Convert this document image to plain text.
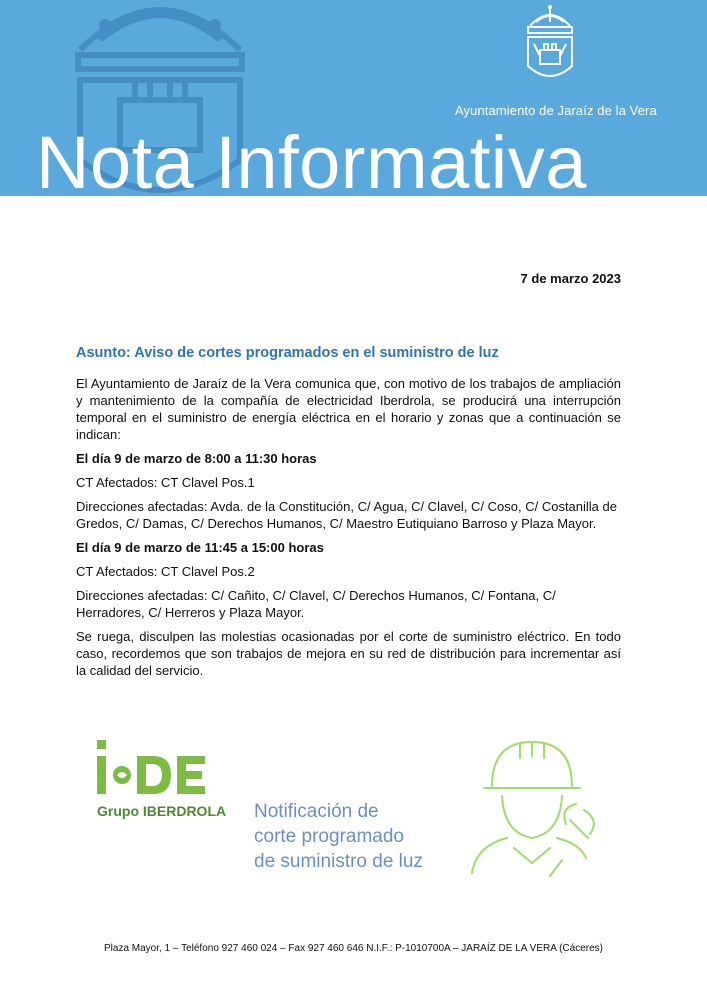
Ayuntamiento de Jaraíz de la Vera
Nota Informativa
7 de marzo 2023
Asunto: Aviso de cortes programados en el suministro de luz

El Ayuntamiento de Jaraíz de la Vera comunica que, con motivo de los trabajos de ampliación y mantenimiento de la compañía de electricidad Iberdrola, se producirá una interrupción temporal en el suministro de energía eléctrica en el horario y zonas que a continuación se indican:

El día 9 de marzo de 8:00 a 11:30 horas

CT Afectados: CT Clavel Pos.1

Direcciones afectadas: Avda. de la Constitución, C/ Agua, C/ Clavel, C/ Coso, C/ Costanilla de Gredos, C/ Damas, C/ Derechos Humanos, C/ Maestro Eutiquiano Barroso y Plaza Mayor.

El día 9 de marzo de 11:45 a 15:00 horas

CT Afectados: CT Clavel Pos.2

Direcciones afectadas: C/ Cañito, C/ Clavel, C/ Derechos Humanos, C/ Fontana, C/ Herradores, C/ Herreros y Plaza Mayor.

Se ruega, disculpen las molestias ocasionadas por el corte de suministro eléctrico. En todo caso, recordemos que son trabajos de mejora en su red de distribución para incrementar así la calidad del servicio.

Grupo IBERDROLA Notificación de
corte programado
de suministro de luz
Plaza Mayor, 1 – Teléfono 927 460 024 – Fax 927 460 646 N.I.F.: P-1010700A – JARAÍZ DE LA VERA (Cáceres)
